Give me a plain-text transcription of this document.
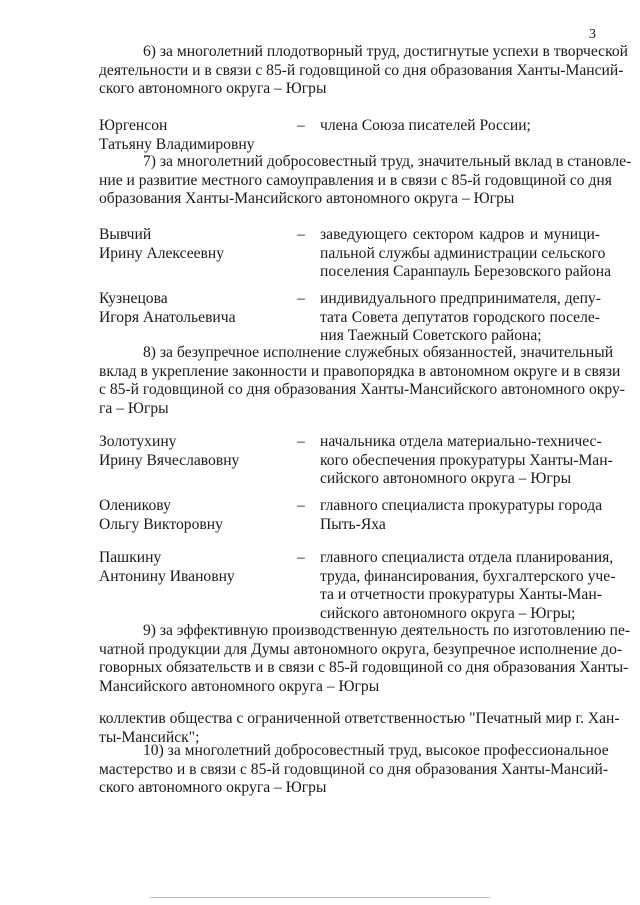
3
6) за многолетний плодотворный труд, достигнутые успехи в творческой
деятельности и в связи с 85-й годовщиной со дня образования Ханты-Мансий-
ского автономного округа – Югры
Юргенсон
Татьяну Владимировну
– члена Союза писателей России;
7) за многолетний добросовестный труд, значительный вклад в становле-
ние и развитие местного самоуправления и в связи с 85-й годовщиной со дня
образования Ханты-Мансийского автономного округа – Югры
Вывчий
Ирину Алексеевну
– заведующего сектором кадров и муници-
пальной службы администрации сельского
поселения Саранпауль Березовского района
Кузнецова
Игоря Анатольевича
– индивидуального предпринимателя, депу-
тата Совета депутатов городского поселе-
ния Таежный Советского района;
8) за безупречное исполнение служебных обязанностей, значительный
вклад в укрепление законности и правопорядка в автономном округе и в связи
с 85-й годовщиной со дня образования Ханты-Мансийского автономного окру-
га – Югры
Золотухину
Ирину Вячеславовну
– начальника отдела материально-техничес-
кого обеспечения прокуратуры Ханты-Ман-
сийского автономного округа – Югры
Оленикову
Ольгу Викторовну
– главного специалиста прокуратуры города
Пыть-Яха
Пашкину
Антонину Ивановну
– главного специалиста отдела планирования,
труда, финансирования, бухгалтерского уче-
та и отчетности прокуратуры Ханты-Ман-
сийского автономного округа – Югры;
9) за эффективную производственную деятельность по изготовлению пе-
чатной продукции для Думы автономного округа, безупречное исполнение до-
говорных обязательств и в связи с 85-й годовщиной со дня образования Ханты-
Мансийского автономного округа – Югры
коллектив общества с ограниченной ответственностью "Печатный мир г. Хан-
ты-Мансийск";
10) за многолетний добросовестный труд, высокое профессиональное
мастерство и в связи с 85-й годовщиной со дня образования Ханты-Мансий-
ского автономного округа – Югры
